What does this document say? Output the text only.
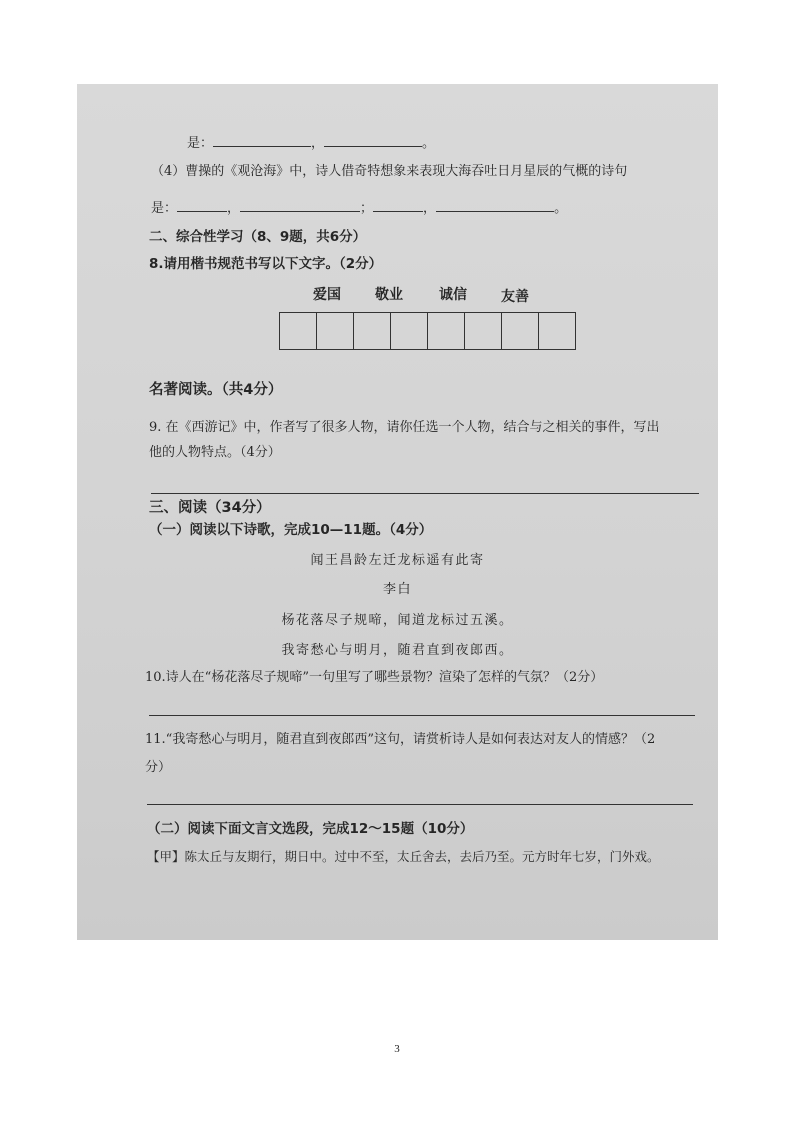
是：	，	。
（4）曹操的《观沧海》中，诗人借奇特想象来表现大海吞吐日月星辰的气概的诗句
是：	，	；	，	。
二、综合性学习（8、9题，共6分）
8.请用楷书规范书写以下文字。（2分）
爱国 敬业	诚信 友善
名著阅读。（共4分）
9. 在《西游记》中，作者写了很多人物，请你任选一个人物，结合与之相关的事件，写出
他的人物特点。（4分）
三、阅读（34分）
（一）阅读以下诗歌，完成10—11题。（4分）
闻王昌龄左迁龙标遥有此寄
李白
杨花落尽子规啼，闻道龙标过五溪。
我寄愁心与明月，随君直到夜郎西。
10.诗人在“杨花落尽子规啼”一句里写了哪些景物？渲染了怎样的气氛？（2分）
11.“我寄愁心与明月，随君直到夜郎西”这句，请赏析诗人是如何表达对友人的情感？（2
分）
（二）阅读下面文言文选段，完成12～15题（10分）
【甲】陈太丘与友期行，期日中。过中不至，太丘舍去，去后乃至。元方时年七岁，门外戏。
3
